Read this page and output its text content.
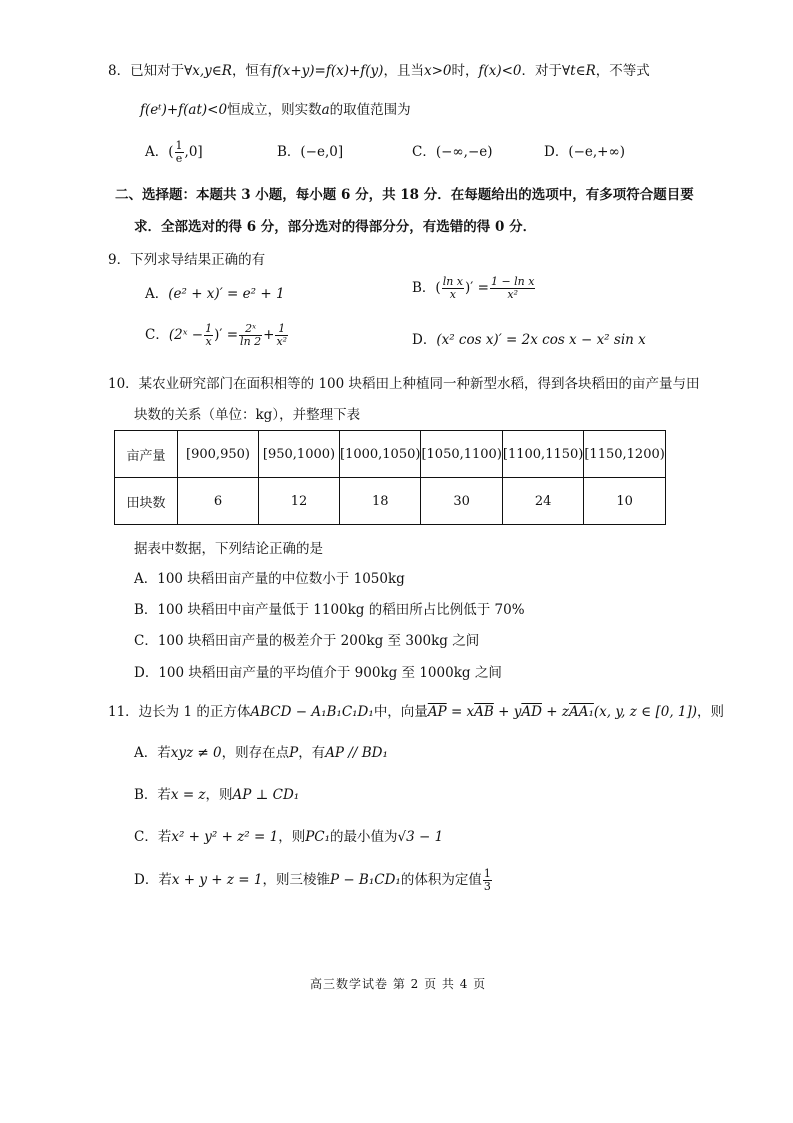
8．已知对于∀x,y∈R，恒有f(x+y)=f(x)+f(y)，且当x>0时，f(x)<0．对于∀t∈R，不等式
f(eᵗ)+f(at)<0恒成立，则实数a的取值范围为
A．( $\frac{1}{e} ,0$]	B．(−e,0]	C．(−∞,−e)	D．(−e,+∞)
二、选择题：本题共 3 小题，每小题 6 分，共 18 分．在每题给出的选项中，有多项符合题目要
求．全部选对的得 6 分，部分选对的得部分分，有选错的得 0 分．
9．下列求导结果正确的有
A．(e² + x)′ = e² + 1	B．( $\frac{\text{ln x}}{x}$ )′ = $\frac{\text{1 − ln x}}{\text{x²}}$
C．(2ˣ − $\frac{1}{x}$ )′ = $\frac{\text{2ˣ}}{\ln 2} + \frac{1}{\text{x²}}$	D．(x² cos x)′ = 2x cos x − x² sin x
10．某农业研究部门在面积相等的 100 块稻田上种植同一种新型水稻，得到各块稻田的亩产量与田
块数的关系（单位：kg），并整理下表
亩产量	[900,950)	[950,1000)	[1000,1050)	[1050,1100)	[1100,1150)	[1150,1200)
田块数	6	12	18	30	24	10
据表中数据，下列结论正确的是
A．100 块稻田亩产量的中位数小于 1050kg
B．100 块稻田中亩产量低于 1100kg 的稻田所占比例低于 70%
C．100 块稻田亩产量的极差介于 200kg 至 300kg 之间
D．100 块稻田亩产量的平均值介于 900kg 至 1000kg 之间
11．边长为 1 的正方体ABCD − A₁B₁C₁D₁中，向量$\overline{AP} = x\overline{AB} + y\overline{AD} + zAA_1(x$, y, z ∈ [0, 1])，则
A．若xyz ≠ 0，则存在点P，有AP // BD₁
B．若x = z，则AP ⊥ CD₁
C．若x² + y² + z² = 1，则PC₁的最小值为√3 − 1
D．若x + y + z = 1，则三棱锥P − B₁CD₁的体积为定值 $\frac{1}{3}$
高三数学试卷 第 2 页 共 4 页
